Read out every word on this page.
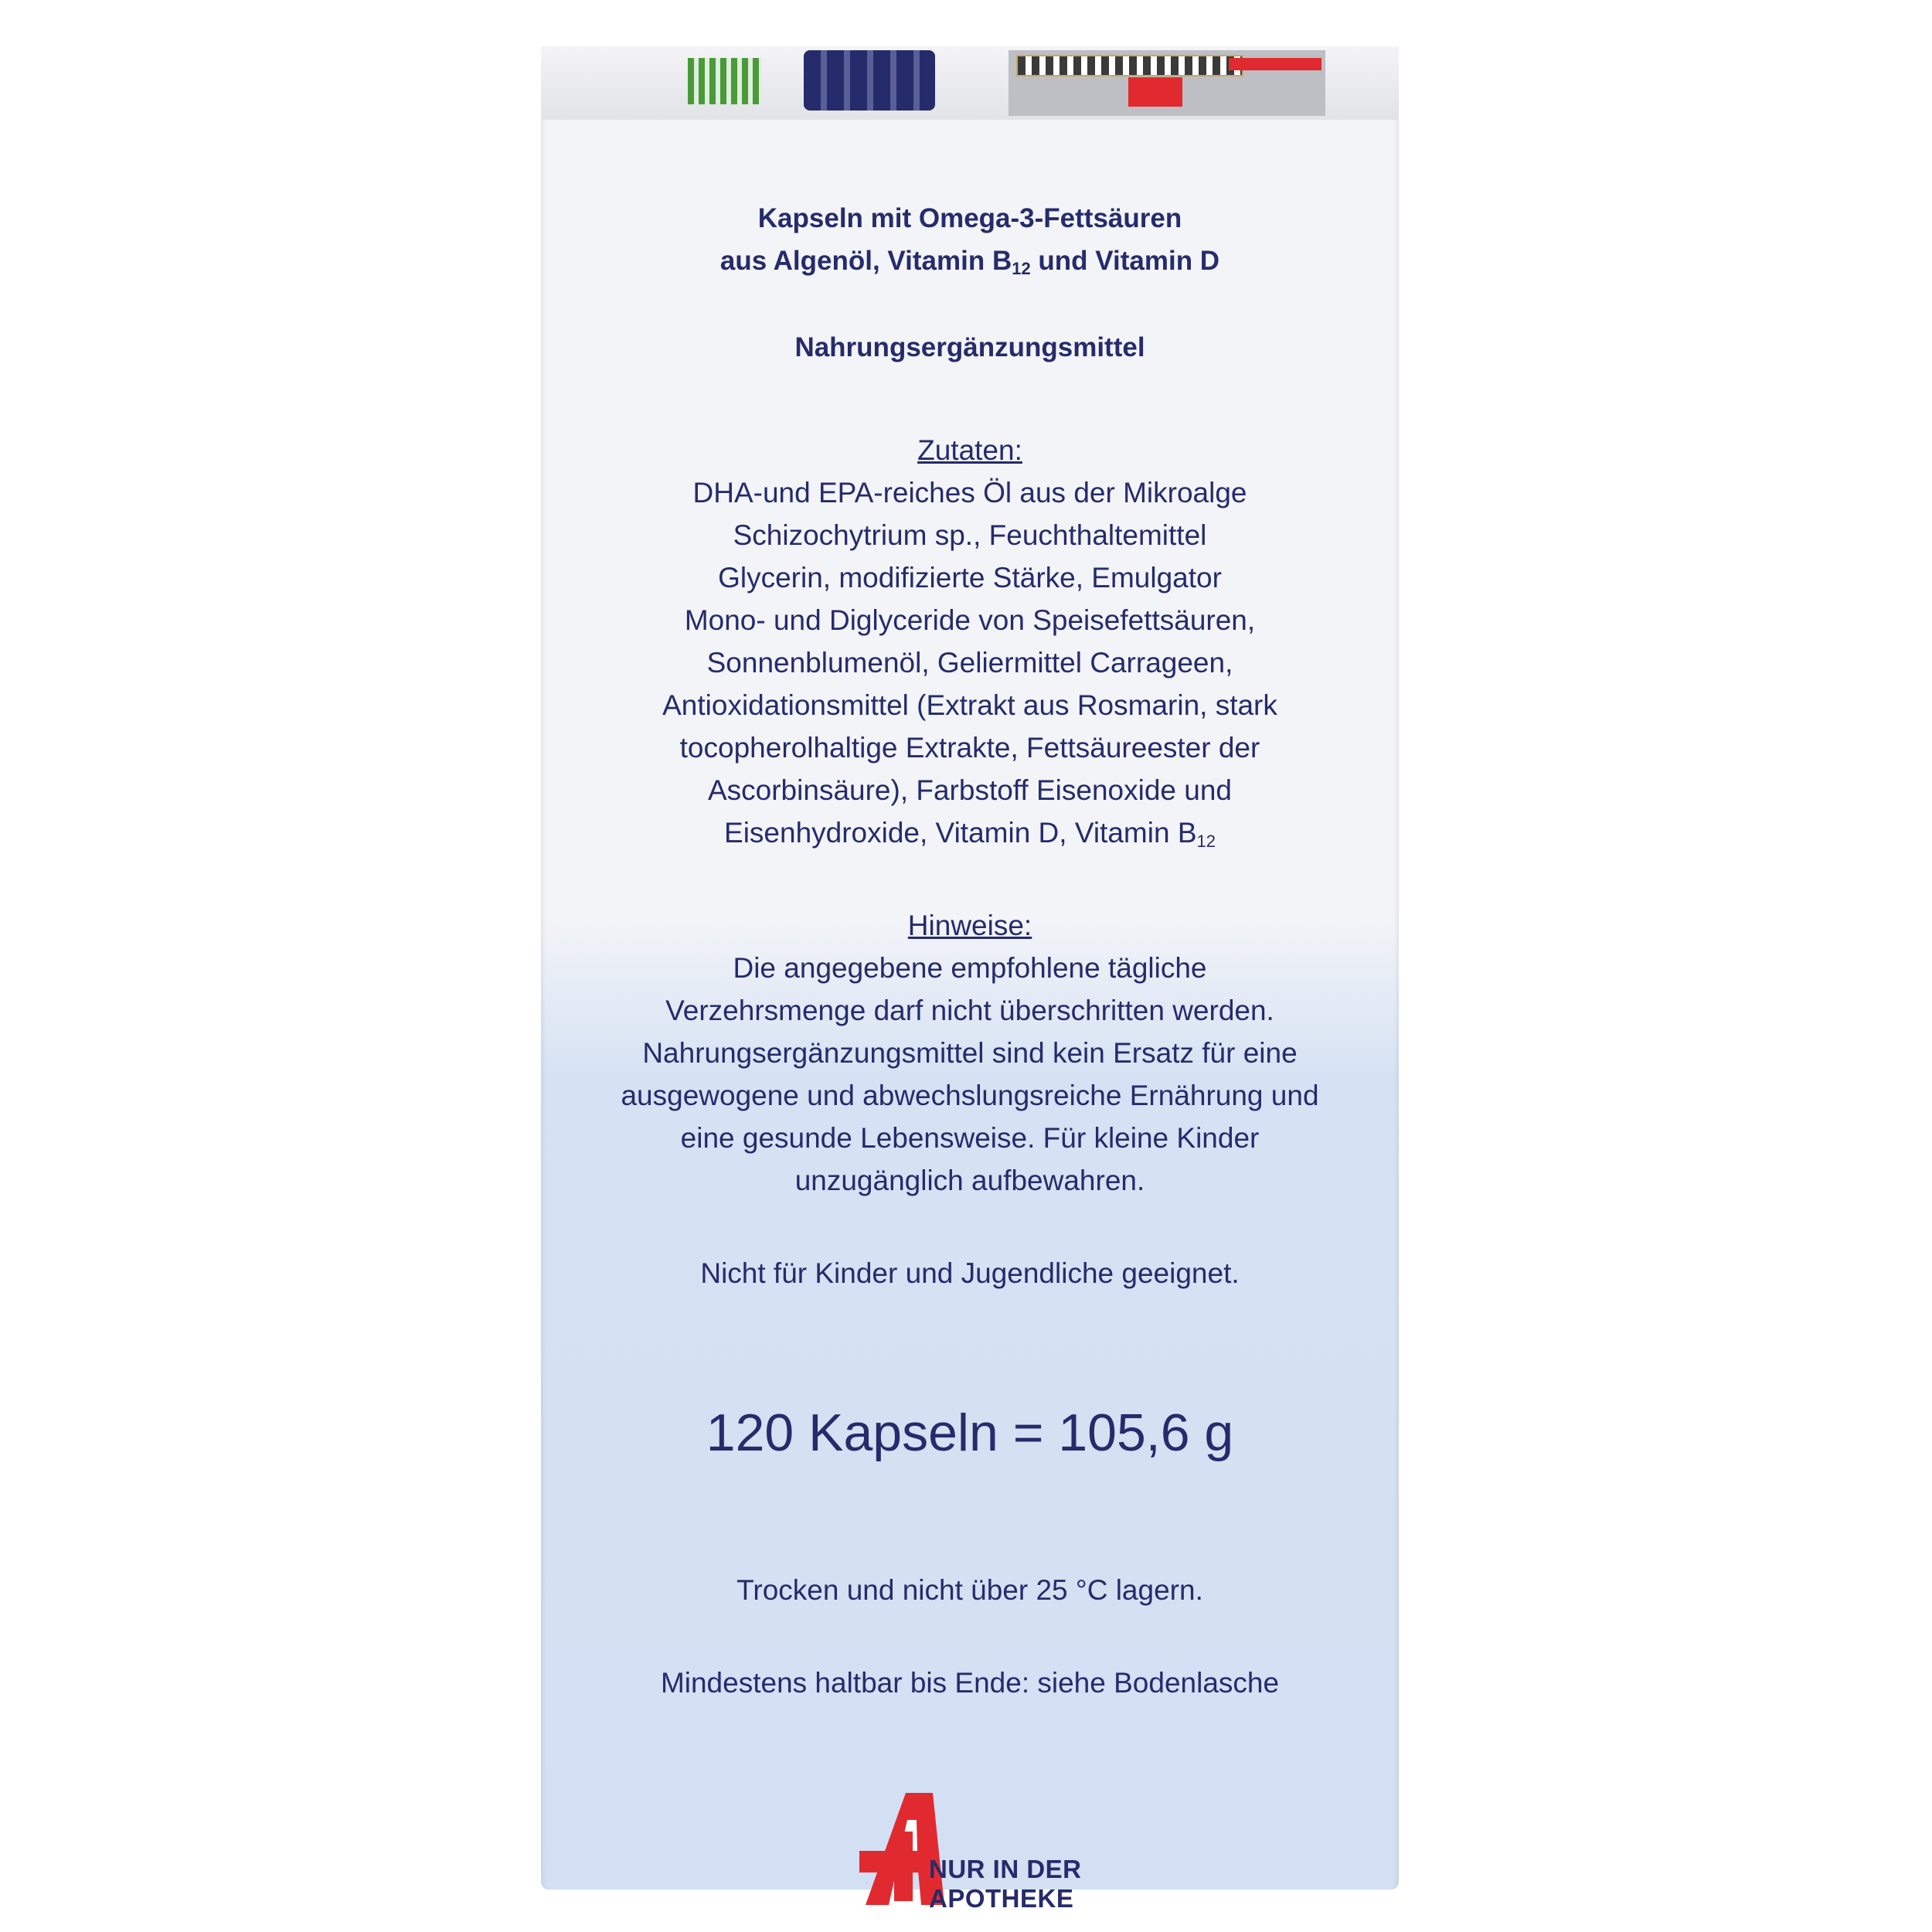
Kapseln mit Omega-3-Fettsäuren
aus Algenöl, Vitamin $B_{12}$ und Vitamin D
Nahrungsergänzungsmittel
Zutaten:
DHA-und EPA-reiches Öl aus der Mikroalge
Schizochytrium sp., Feuchthaltemittel
Glycerin, modifizierte Stärke, Emulgator
Mono- und Diglyceride von Speisefettsäuren,
Sonnenblumenöl, Geliermittel Carrageen,
Antioxidationsmittel (Extrakt aus Rosmarin, stark
tocopherolhaltige Extrakte, Fettsäureester der
Ascorbinsäure), Farbstoff Eisenoxide und
Eisenhydroxide, Vitamin D, Vitamin $B_{12}$
Hinweise:
Die angegebene empfohlene tägliche
Verzehrsmenge darf nicht überschritten werden.
Nahrungsergänzungsmittel sind kein Ersatz für eine
ausgewogene und abwechslungsreiche Ernährung und
eine gesunde Lebensweise. Für kleine Kinder
unzugänglich aufbewahren.
Nicht für Kinder und Jugendliche geeignet.
120 Kapseln = 105,6 g
Trocken und nicht über 25 °C lagern.
Mindestens haltbar bis Ende: siehe Bodenlasche
NUR IN DER
APOTHEKE
